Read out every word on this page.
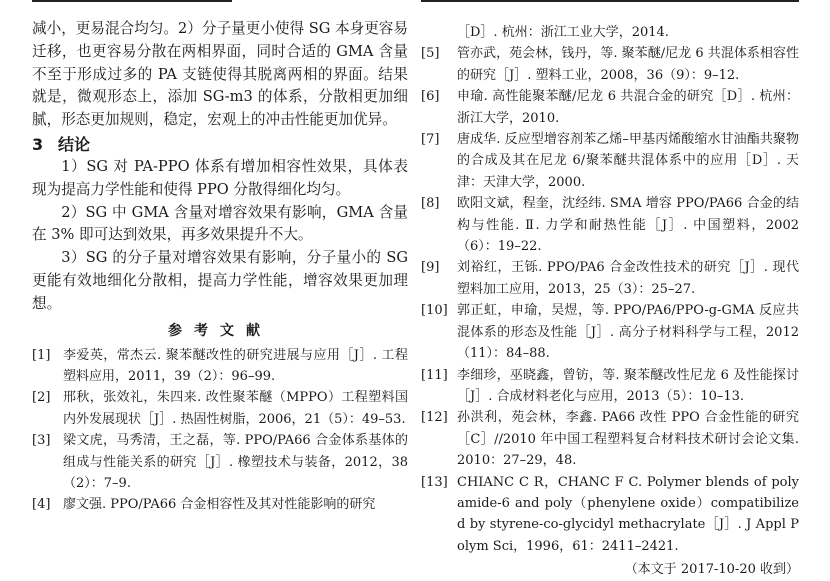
减小，更易混合均匀。2）分子量更小使得 SG 本身更容易迁移，也更容易分散在两相界面，同时合适的 GMA 含量不至于形成过多的 PA 支链使得其脱离两相的界面。结果就是，微观形态上，添加 SG-m3 的体系，分散相更加细腻，形态更加规则，稳定，宏观上的冲击性能更加优异。

3 结论

1）SG 对 PA-PPO 体系有增加相容性效果，具体表现为提高力学性能和使得 PPO 分散得细化均匀。

2）SG 中 GMA 含量对增容效果有影响，GMA 含量在 3% 即可达到效果，再多效果提升不大。

3）SG 的分子量对增容效果有影响，分子量小的 SG 更能有效地细化分散相，提高力学性能，增容效果更加理想。

参考文献
[1] 李爱英，常杰云. 聚苯醚改性的研究进展与应用［J］. 工程塑料应用，2011，39（2）：96–99.
[2] 邢秋，张效礼，朱四来. 改性聚苯醚（MPPO）工程塑料国内外发展现状［J］. 热固性树脂，2006，21（5）：49–53.
[3] 梁文虎，马秀清，王之磊，等. PPO/PA66 合金体系基体的组成与性能关系的研究［J］. 橡塑技术与装备，2012，38（2）：7–9.
[4] 廖文强. PPO/PA66 合金相容性及其对性能影响的研究
［D］. 杭州：浙江工业大学，2014.
[5] 管亦武，苑会林，钱丹，等. 聚苯醚/尼龙 6 共混体系相容性的研究［J］. 塑料工业，2008，36（9）：9–12.
[6] 申瑜. 高性能聚苯醚/尼龙 6 共混合金的研究［D］. 杭州：浙江大学，2010.
[7] 唐成华. 反应型增容剂苯乙烯–甲基丙烯酸缩水甘油酯共聚物的合成及其在尼龙 6/聚苯醚共混体系中的应用［D］. 天津：天津大学，2000.
[8] 欧阳文斌，程奎，沈经纬. SMA 增容 PPO/PA66 合金的结构与性能. Ⅱ. 力学和耐热性能［J］. 中国塑料，2002（6）：19–22.
[9] 刘裕红，王铄. PPO/PA6 合金改性技术的研究［J］. 现代塑料加工应用，2013，25（3）：25–27.
[10] 郭正虹，申瑜，吴煜，等. PPO/PA6/PPO-g-GMA 反应共混体系的形态及性能［J］. 高分子材料科学与工程，2012（11）：84–88.
[11] 李细珍，巫晓鑫，曾钫，等. 聚苯醚改性尼龙 6 及性能探讨［J］. 合成材料老化与应用，2013（5）：10–13.
[12] 孙洪利，苑会林，李鑫. PA66 改性 PPO 合金性能的研究［C］//2010 年中国工程塑料复合材料技术研讨会论文集. 2010：27–29，48.
[13] CHIANC C R，CHANC F C. Polymer blends of polyamide-6 and poly（phenylene oxide）compatibilized by styrene-co-glycidyl methacrylate［J］. J Appl Polym Sci，1996，61：2411–2421.
（本文于 2017-10-20 收到）
